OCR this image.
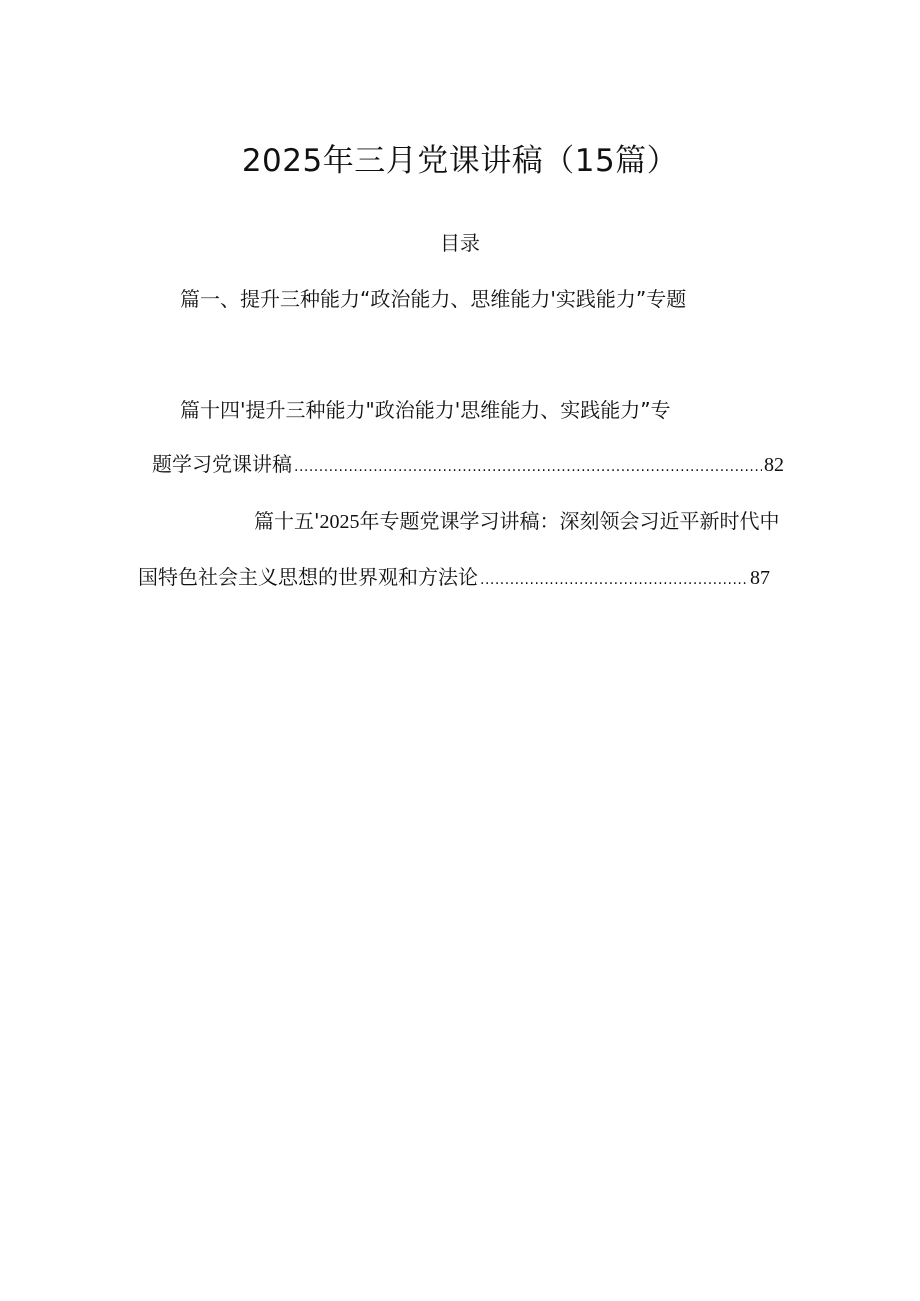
2025年三月党课讲稿（15篇）
目录
篇一、提升三种能力“政治能力、思维能力'实践能力”专题
篇十四'提升三种能力"政治能力'思维能力、实践能力”专
题学习党课讲稿 .....	82
篇十五'2025年专题党课学习讲稿：深刻领会习近平新时代中
国特色社会主义思想的世界观和方法论 .....	87
